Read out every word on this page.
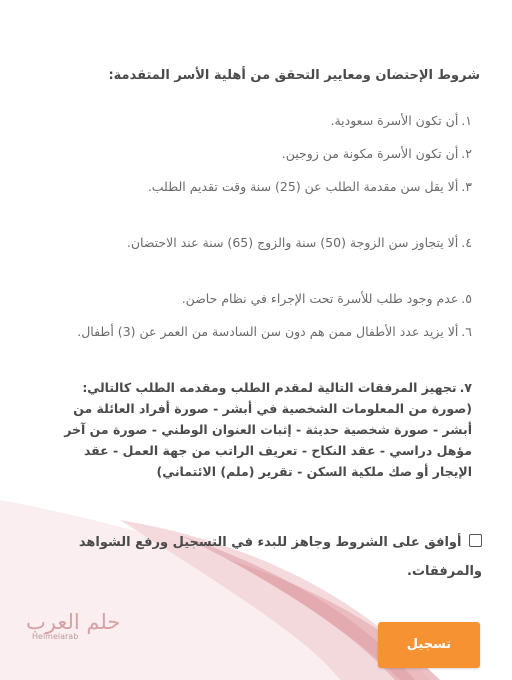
شروط الإحتضان ومعايير التحقق من أهلية الأسر المتقدمة:
١.أن تكون الأسرة سعودية.
٢.أن تكون الأسرة مكونة من زوجين.
٣.ألا يقل سن مقدمة الطلب عن (25) سنة وقت تقديم الطلب.
٤.ألا يتجاوز سن الزوجة (50) سنة والزوج (65) سنة عند الاحتضان.
٥.عدم وجود طلب للأسرة تحت الإجراء في نظام حاضن.
٦.ألا يزيد عدد الأطفال ممن هم دون سن السادسة من العمر عن (3) أطفال.
٧.تجهيز المرفقات التالية لمقدم الطلب ومقدمه الطلب كالتالي: (صورة من المعلومات الشخصية في أبشر - صورة أفراد العائلة من أبشر - صورة شخصية حديثة - إثبات العنوان الوطني - صورة من آخر مؤهل دراسي - عقد النكاح - تعريف الراتب من جهة العمل - عقد الإيجار أو صك ملكية السكن - تقرير (ملم) الائتماني)
أوافق على الشروط وجاهز للبدء في التسجيل ورفع الشواهد والمرفقات.
حلم العرب
Helmelarab
تسجيل
